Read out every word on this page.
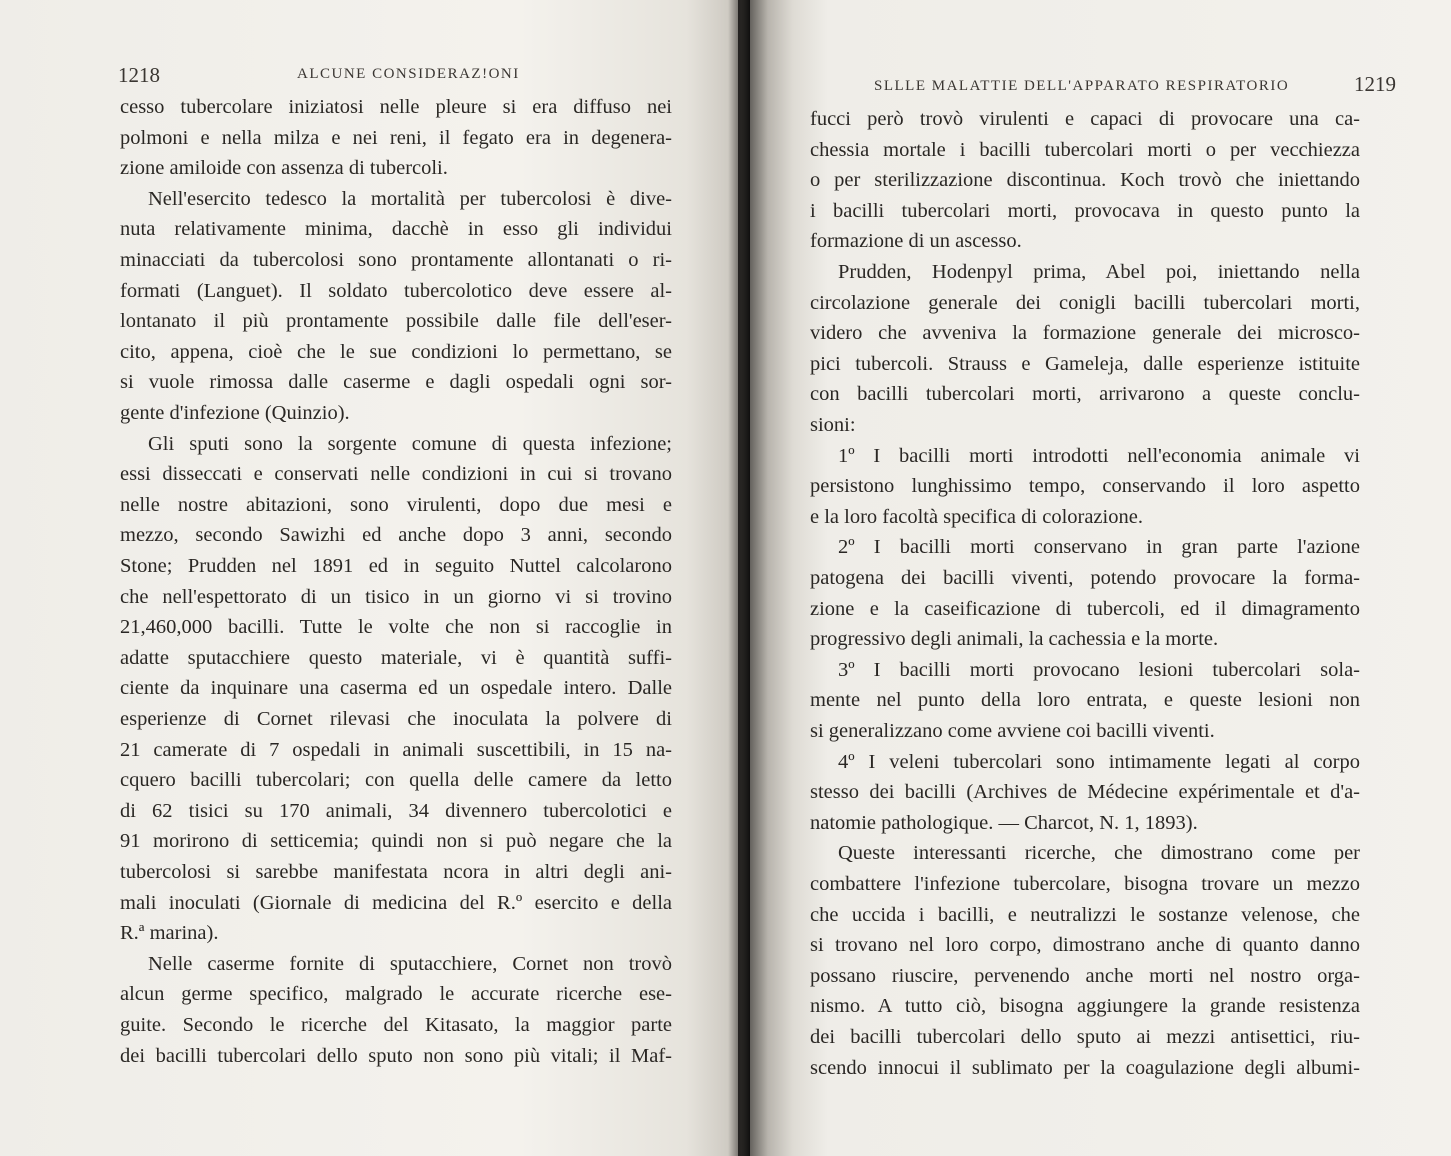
1218	ALCUNE CONSIDERAZ!ONI
cesso tubercolare iniziatosi nelle pleure si era diffuso nei
polmoni e nella milza e nei reni, il fegato era in degenera-
zione amiloide con assenza di tubercoli.
Nell'esercito tedesco la mortalità per tubercolosi è dive-
nuta relativamente minima, dacchè in esso gli individui
minacciati da tubercolosi sono prontamente allontanati o ri-
formati (Languet). Il soldato tubercolotico deve essere al-
lontanato il più prontamente possibile dalle file dell'eser-
cito, appena, cioè che le sue condizioni lo permettano, se
si vuole rimossa dalle caserme e dagli ospedali ogni sor-
gente d'infezione (Quinzio).
Gli sputi sono la sorgente comune di questa infezione;
essi disseccati e conservati nelle condizioni in cui si trovano
nelle nostre abitazioni, sono virulenti, dopo due mesi e
mezzo, secondo Sawizhi ed anche dopo 3 anni, secondo
Stone; Prudden nel 1891 ed in seguito Nuttel calcolarono
che nell'espettorato di un tisico in un giorno vi si trovino
21,460,000 bacilli. Tutte le volte che non si raccoglie in
adatte sputacchiere questo materiale, vi è quantità suffi-
ciente da inquinare una caserma ed un ospedale intero. Dalle
esperienze di Cornet rilevasi che inoculata la polvere di
21 camerate di 7 ospedali in animali suscettibili, in 15 na-
cquero bacilli tubercolari; con quella delle camere da letto
di 62 tisici su 170 animali, 34 divennero tubercolotici e
91 morirono di setticemia; quindi non si può negare che la
tubercolosi si sarebbe manifestata ncora in altri degli ani-
mali inoculati (Giornale di medicina del R.º esercito e della
R.ª marina).
Nelle caserme fornite di sputacchiere, Cornet non trovò
alcun germe specifico, malgrado le accurate ricerche ese-
guite. Secondo le ricerche del Kitasato, la maggior parte
dei bacilli tubercolari dello sputo non sono più vitali; il Maf-
SLLLE MALATTIE DELL'APPARATO RESPIRATORIO	1219
fucci però trovò virulenti e capaci di provocare una ca-
chessia mortale i bacilli tubercolari morti o per vecchiezza
o per sterilizzazione discontinua. Koch trovò che iniettando
i bacilli tubercolari morti, provocava in questo punto la
formazione di un ascesso.
Prudden, Hodenpyl prima, Abel poi, iniettando nella
circolazione generale dei conigli bacilli tubercolari morti,
videro che avveniva la formazione generale dei microsco-
pici tubercoli. Strauss e Gameleja, dalle esperienze istituite
con bacilli tubercolari morti, arrivarono a queste conclu-
sioni:
1º I bacilli morti introdotti nell'economia animale vi
persistono lunghissimo tempo, conservando il loro aspetto
e la loro facoltà specifica di colorazione.
2º I bacilli morti conservano in gran parte l'azione
patogena dei bacilli viventi, potendo provocare la forma-
zione e la caseificazione di tubercoli, ed il dimagramento
progressivo degli animali, la cachessia e la morte.
3º I bacilli morti provocano lesioni tubercolari sola-
mente nel punto della loro entrata, e queste lesioni non
si generalizzano come avviene coi bacilli viventi.
4º I veleni tubercolari sono intimamente legati al corpo
stesso dei bacilli (Archives de Médecine expérimentale et d'a-
natomie pathologique. — Charcot, N. 1, 1893).
Queste interessanti ricerche, che dimostrano come per
combattere l'infezione tubercolare, bisogna trovare un mezzo
che uccida i bacilli, e neutralizzi le sostanze velenose, che
si trovano nel loro corpo, dimostrano anche di quanto danno
possano riuscire, pervenendo anche morti nel nostro orga-
nismo. A tutto ciò, bisogna aggiungere la grande resistenza
dei bacilli tubercolari dello sputo ai mezzi antisettici, riu-
scendo innocui il sublimato per la coagulazione degli albumi-
